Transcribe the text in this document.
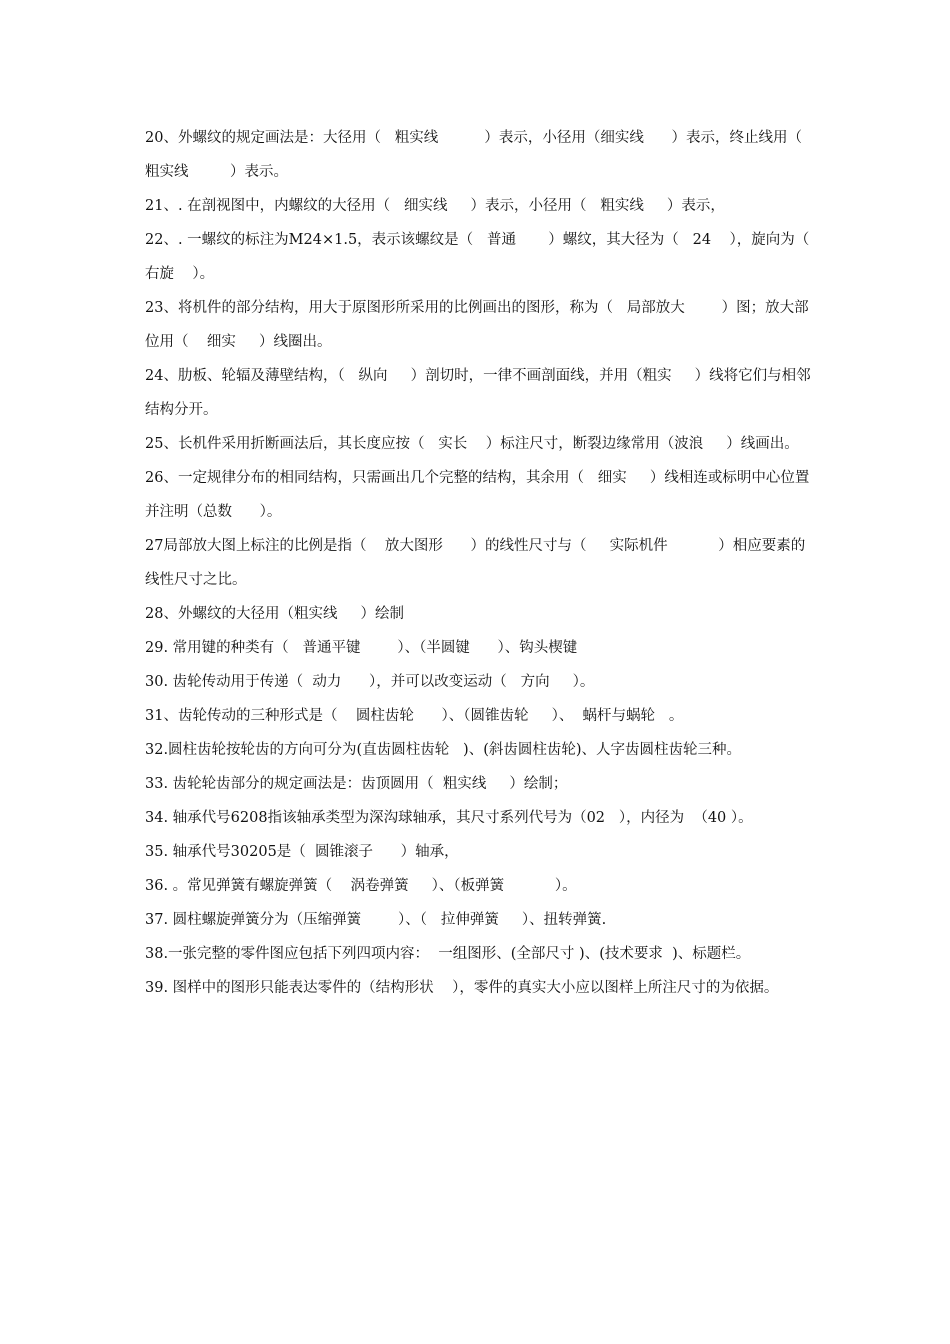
20、外螺纹的规定画法是：大径用（   粗实线          ）表示，小径用（细实线      ）表示，终止线用（   粗实线         ）表示。

21、. 在剖视图中，内螺纹的大径用（   细实线     ）表示，小径用（   粗实线     ）表示，

22、. 一螺纹的标注为M24×1.5，表示该螺纹是（   普通       ）螺纹，其大径为（   24    ），旋向为（     右旋    ）。

23、将机件的部分结构，用大于原图形所采用的比例画出的图形，称为（   局部放大        ）图；放大部位用（    细实     ）线圈出。

24、肋板、轮辐及薄壁结构，（   纵向     ）剖切时，一律不画剖面线，并用（粗实     ）线将它们与相邻结构分开。

25、长机件采用折断画法后，其长度应按（   实长    ）标注尺寸，断裂边缘常用（波浪     ）线画出。

26、一定规律分布的相同结构，只需画出几个完整的结构，其余用（   细实     ）线相连或标明中心位置并注明（总数      ）。

27局部放大图上标注的比例是指（    放大图形      ）的线性尺寸与（     实际机件           ）相应要素的线性尺寸之比。

28、外螺纹的大径用（粗实线     ）绘制

29. 常用键的种类有（   普通平键        ）、（半圆键      ）、钩头楔键

30. 齿轮传动用于传递（  动力      ），并可以改变运动（   方向     ）。

31、齿轮传动的三种形式是（    圆柱齿轮      ）、（圆锥齿轮     ）、  蜗杆与蜗轮   。

32.圆柱齿轮按轮齿的方向可分为(直齿圆柱齿轮   )、(斜齿圆柱齿轮)、人字齿圆柱齿轮三种。

33. 齿轮轮齿部分的规定画法是：齿顶圆用（  粗实线     ）绘制；

34. 轴承代号6208指该轴承类型为深沟球轴承，其尺寸系列代号为（02   ），内径为  （40 ）。

35. 轴承代号30205是（  圆锥滚子      ）轴承，

36. 。常见弹簧有螺旋弹簧（    涡卷弹簧     ）、（板弹簧           ）。

37. 圆柱螺旋弹簧分为（压缩弹簧        ）、（   拉伸弹簧     ）、扭转弹簧.

38.一张完整的零件图应包括下列四项内容：  一组图形、(全部尺寸 )、(技术要求  )、标题栏。

39. 图样中的图形只能表达零件的（结构形状    ），零件的真实大小应以图样上所注尺寸的为依据。
